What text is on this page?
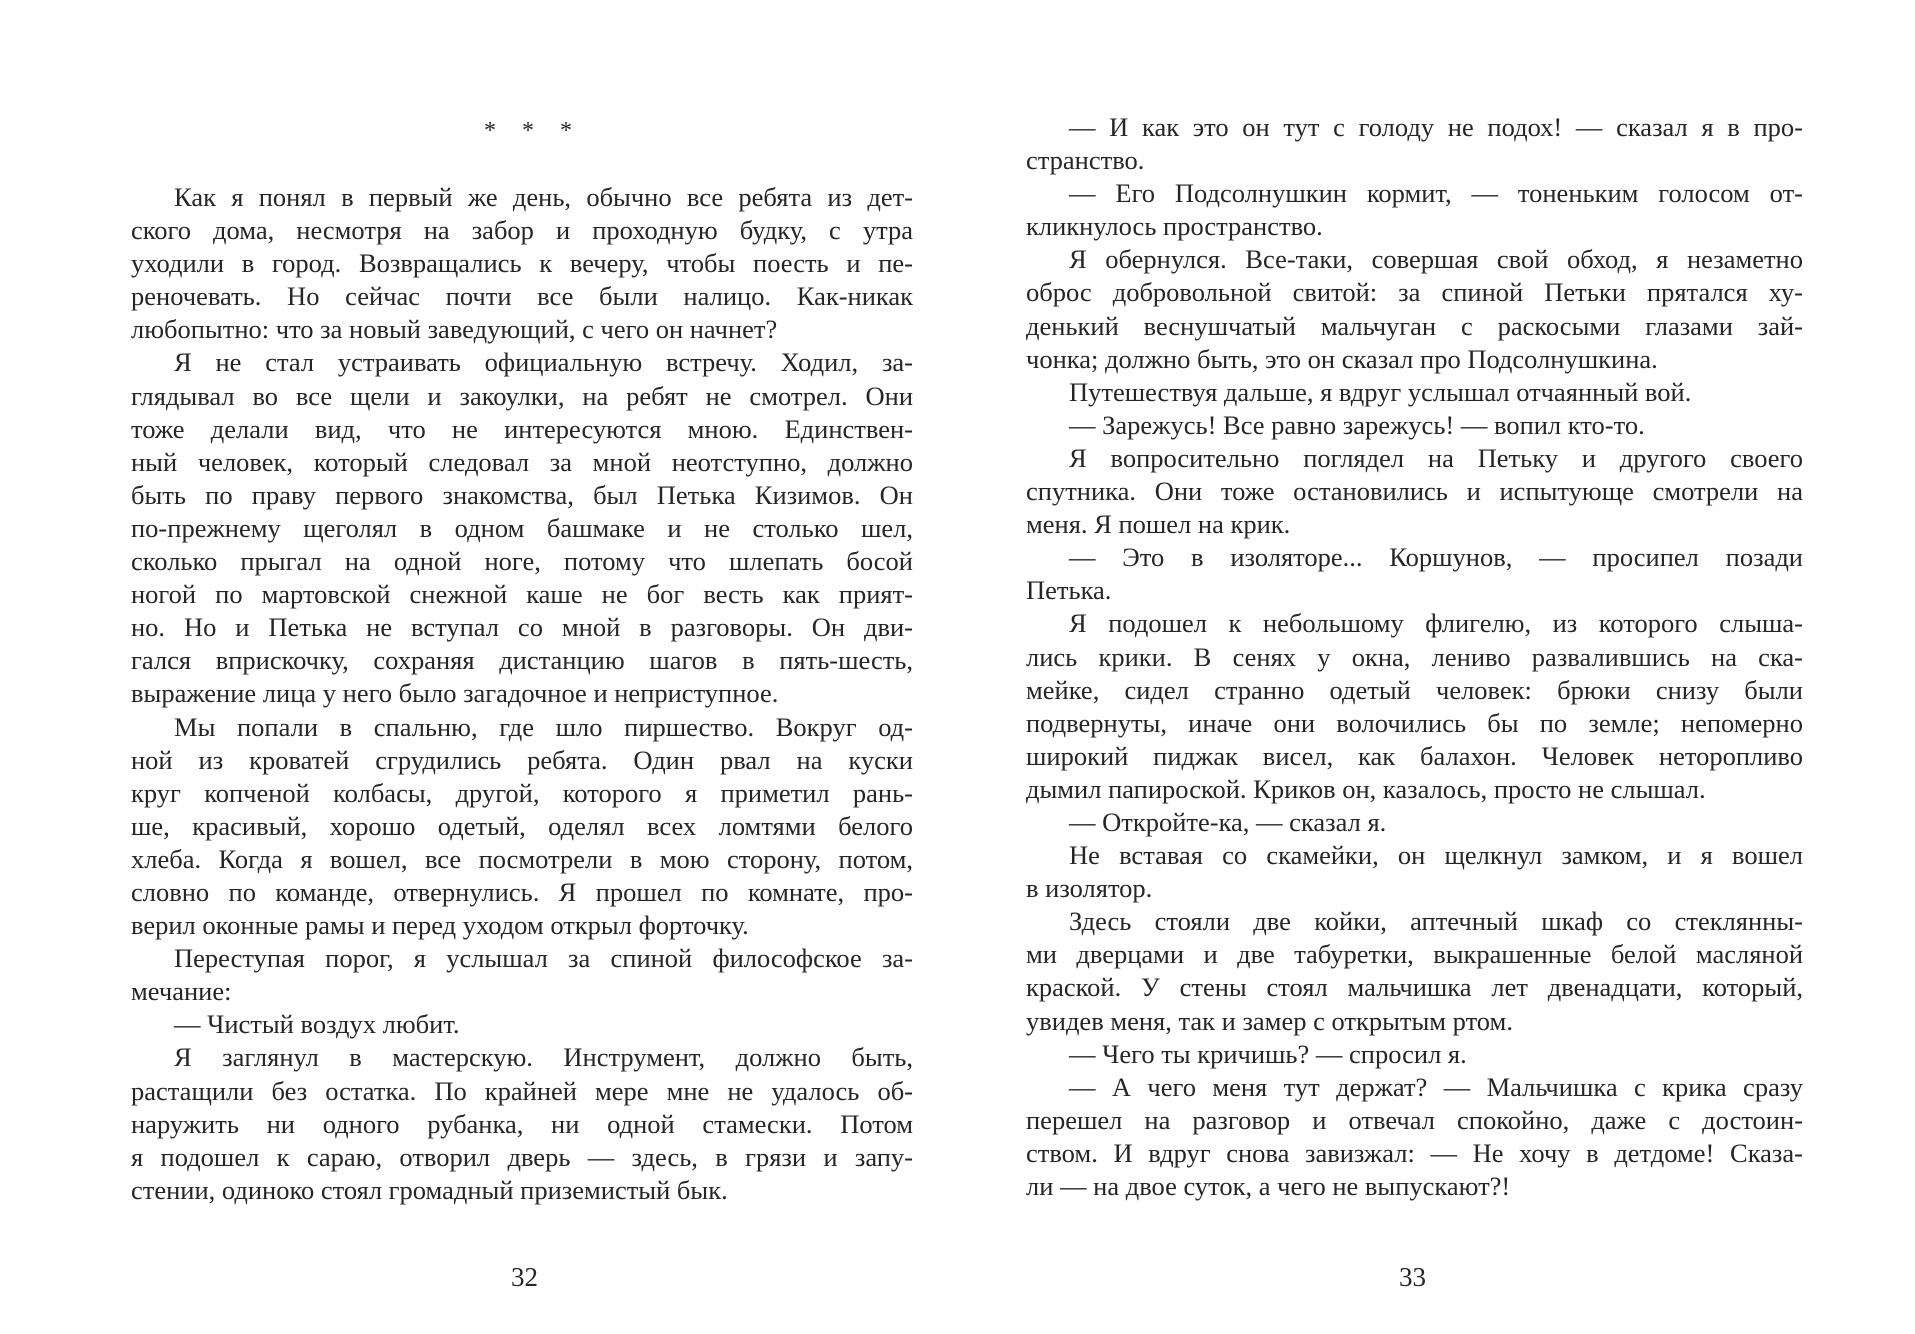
* * *
Как я понял в первый же день, обычно все ребята из дет-
ского дома, несмотря на забор и проходную будку, с утра
уходили в город. Возвращались к вечеру, чтобы поесть и пе-
реночевать. Но сейчас почти все были налицо. Как-никак
любопытно: что за новый заведующий, с чего он начнет?
Я не стал устраивать официальную встречу. Ходил, за-
глядывал во все щели и закоулки, на ребят не смотрел. Они
тоже делали вид, что не интересуются мною. Единствен-
ный человек, который следовал за мной неотступно, должно
быть по праву первого знакомства, был Петька Кизимов. Он
по-прежнему щеголял в одном башмаке и не столько шел,
сколько прыгал на одной ноге, потому что шлепать босой
ногой по мартовской снежной каше не бог весть как прият-
но. Но и Петька не вступал со мной в разговоры. Он дви-
гался вприскочку, сохраняя дистанцию шагов в пять-шесть,
выражение лица у него было загадочное и неприступное.
Мы попали в спальню, где шло пиршество. Вокруг од-
ной из кроватей сгрудились ребята. Один рвал на куски
круг копченой колбасы, другой, которого я приметил рань-
ше, красивый, хорошо одетый, оделял всех ломтями белого
хлеба. Когда я вошел, все посмотрели в мою сторону, потом,
словно по команде, отвернулись. Я прошел по комнате, про-
верил оконные рамы и перед уходом открыл форточку.
Переступая порог, я услышал за спиной философское за-
мечание:
— Чистый воздух любит.
Я заглянул в мастерскую. Инструмент, должно быть,
растащили без остатка. По крайней мере мне не удалось об-
наружить ни одного рубанка, ни одной стамески. Потом
я подошел к сараю, отворил дверь — здесь, в грязи и запу-
стении, одиноко стоял громадный приземистый бык.
32
— И как это он тут с голоду не подох! — сказал я в про-
странство.
— Его Подсолнушкин кормит, — тоненьким голосом от-
кликнулось пространство.
Я обернулся. Все-таки, совершая свой обход, я незаметно
оброс добровольной свитой: за спиной Петьки прятался ху-
денький веснушчатый мальчуган с раскосыми глазами зай-
чонка; должно быть, это он сказал про Подсолнушкина.
Путешествуя дальше, я вдруг услышал отчаянный вой.
— Зарежусь! Все равно зарежусь! — вопил кто-то.
Я вопросительно поглядел на Петьку и другого своего
спутника. Они тоже остановились и испытующе смотрели на
меня. Я пошел на крик.
— Это в изоляторе... Коршунов, — просипел позади
Петька.
Я подошел к небольшому флигелю, из которого слыша-
лись крики. В сенях у окна, лениво развалившись на ска-
мейке, сидел странно одетый человек: брюки снизу были
подвернуты, иначе они волочились бы по земле; непомерно
широкий пиджак висел, как балахон. Человек неторопливо
дымил папироской. Криков он, казалось, просто не слышал.
— Откройте-ка, — сказал я.
Не вставая со скамейки, он щелкнул замком, и я вошел
в изолятор.
Здесь стояли две койки, аптечный шкаф со стеклянны-
ми дверцами и две табуретки, выкрашенные белой масляной
краской. У стены стоял мальчишка лет двенадцати, который,
увидев меня, так и замер с открытым ртом.
— Чего ты кричишь? — спросил я.
— А чего меня тут держат? — Мальчишка с крика сразу
перешел на разговор и отвечал спокойно, даже с достоин-
ством. И вдруг снова завизжал: — Не хочу в детдоме! Сказа-
ли — на двое суток, а чего не выпускают?!
33
